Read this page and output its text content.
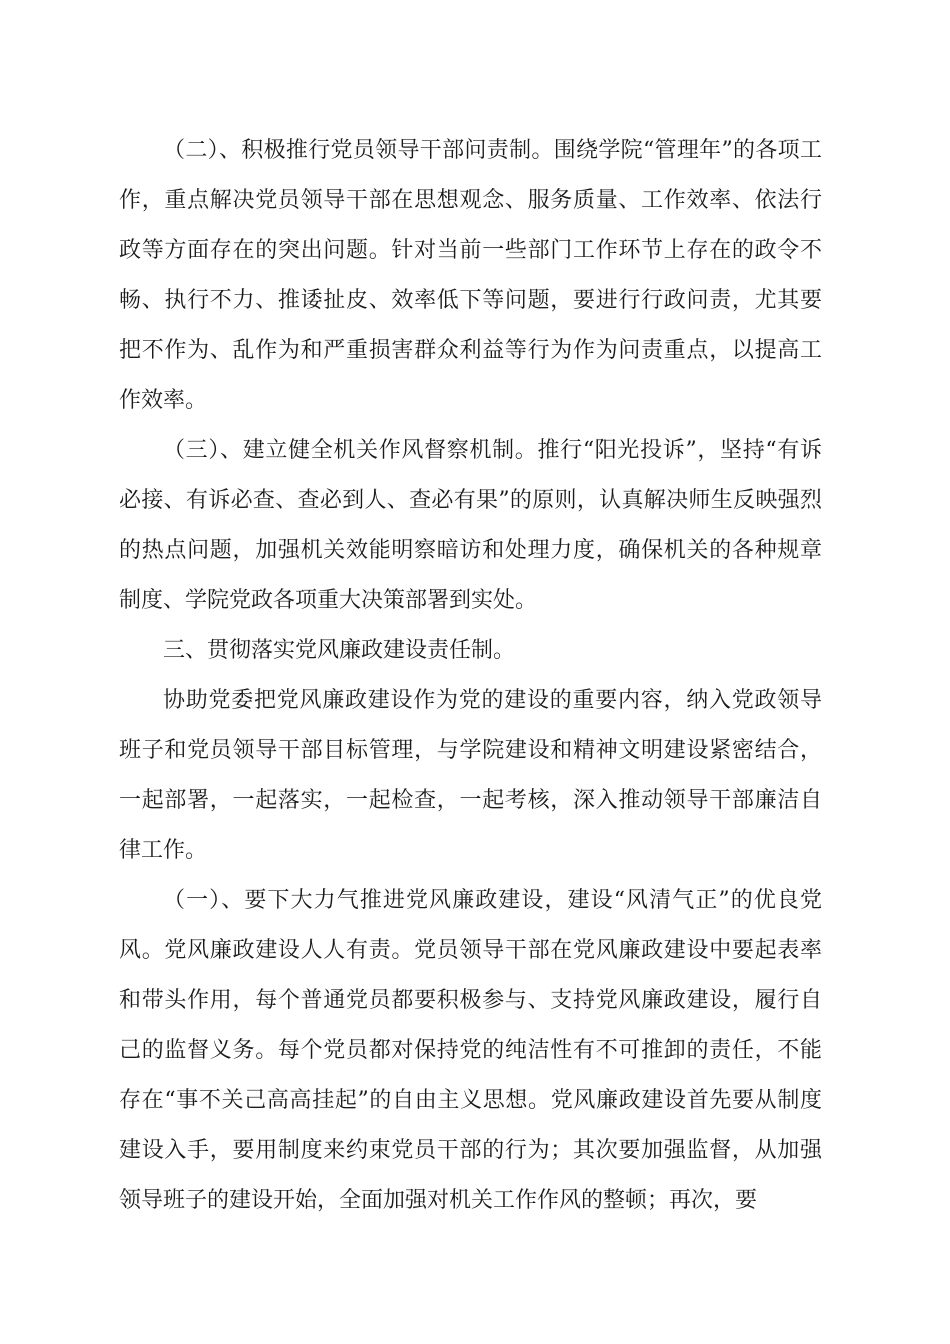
（二）、积极推行党员领导干部问责制。围绕学院“管理年”的各项工作，重点解决党员领导干部在思想观念、服务质量、工作效率、依法行政等方面存在的突出问题。针对当前一些部门工作环节上存在的政令不畅、执行不力、推诿扯皮、效率低下等问题，要进行行政问责，尤其要把不作为、乱作为和严重损害群众利益等行为作为问责重点，以提高工作效率。

（三）、建立健全机关作风督察机制。推行“阳光投诉”，坚持“有诉必接、有诉必查、查必到人、查必有果”的原则，认真解决师生反映强烈的热点问题，加强机关效能明察暗访和处理力度，确保机关的各种规章制度、学院党政各项重大决策部署到实处。

三、贯彻落实党风廉政建设责任制。

协助党委把党风廉政建设作为党的建设的重要内容，纳入党政领导班子和党员领导干部目标管理，与学院建设和精神文明建设紧密结合，一起部署，一起落实，一起检查，一起考核，深入推动领导干部廉洁自律工作。

（一）、要下大力气推进党风廉政建设，建设“风清气正”的优良党风。党风廉政建设人人有责。党员领导干部在党风廉政建设中要起表率和带头作用，每个普通党员都要积极参与、支持党风廉政建设，履行自己的监督义务。每个党员都对保持党的纯洁性有不可推卸的责任，不能存在“事不关己高高挂起”的自由主义思想。党风廉政建设首先要从制度建设入手，要用制度来约束党员干部的行为；其次要加强监督，从加强领导班子的建设开始，全面加强对机关工作作风的整顿；再次，要
